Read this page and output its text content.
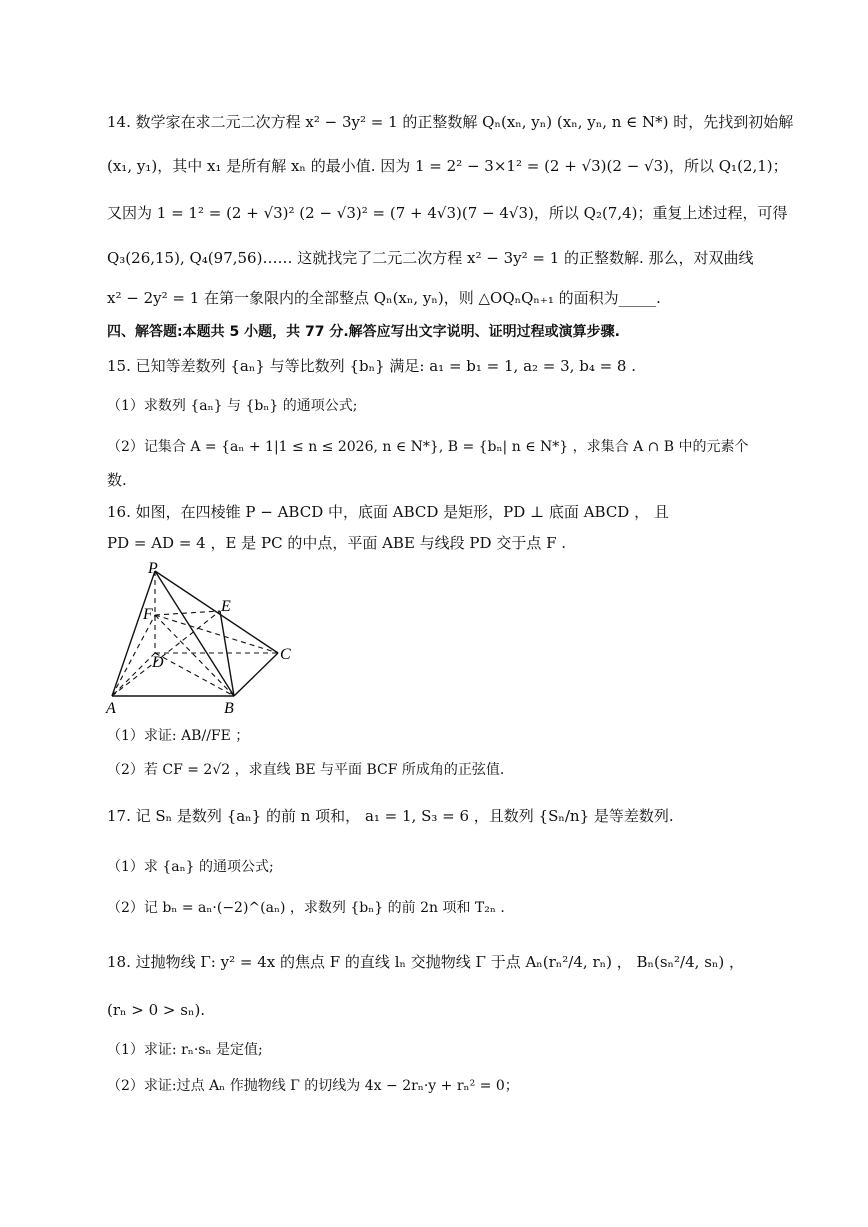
14. 数学家在求二元二次方程 x² − 3y² = 1 的正整数解 Qₙ(xₙ, yₙ) (xₙ, yₙ, n ∈ N*) 时，先找到初始解
(x₁, y₁)，其中 x₁ 是所有解 xₙ 的最小值. 因为 1 = 2² − 3×1² = (2 + √3)(2 − √3)，所以 Q₁(2,1)；
又因为 1 = 1² = (2 + √3)² (2 − √3)² = (7 + 4√3)(7 − 4√3)，所以 Q₂(7,4)；重复上述过程，可得
Q₃(26,15), Q₄(97,56)…… 这就找完了二元二次方程 x² − 3y² = 1 的正整数解. 那么，对双曲线
x² − 2y² = 1 在第一象限内的全部整点 Qₙ(xₙ, yₙ)，则 △OQₙQₙ₊₁ 的面积为_____.
四、解答题:本题共 5 小题，共 77 分.解答应写出文字说明、证明过程或演算步骤.
15. 已知等差数列 {aₙ} 与等比数列 {bₙ} 满足: a₁ = b₁ = 1, a₂ = 3, b₄ = 8 .
（1）求数列 {aₙ} 与 {bₙ} 的通项公式;
（2）记集合 A = {aₙ + 1|1 ≤ n ≤ 2026, n ∈ N*}, B = {bₙ| n ∈ N*} ，求集合 A ∩ B 中的元素个
数.
16. 如图，在四棱锥 P − ABCD 中，底面 ABCD 是矩形，PD ⊥ 底面 ABCD ， 且
PD = AD = 4 ，E 是 PC 的中点，平面 ABE 与线段 PD 交于点 F .
P
E
F
D	C
A	B
（1）求证: AB//FE ；
（2）若 CF = 2√2 ，求直线 BE 与平面 BCF 所成角的正弦值.
17. 记 Sₙ 是数列 {aₙ} 的前 n 项和， a₁ = 1, S₃ = 6 ，且数列 {Sₙ/n} 是等差数列.
（1）求 {aₙ} 的通项公式;
（2）记 bₙ = aₙ·(−2)^(aₙ) ，求数列 {bₙ} 的前 2n 项和 T₂ₙ .
18. 过抛物线 Γ: y² = 4x 的焦点 F 的直线 lₙ 交抛物线 Γ 于点 Aₙ(rₙ²/4, rₙ) ， Bₙ(sₙ²/4, sₙ) ，
(rₙ > 0 > sₙ).
（1）求证: rₙ·sₙ 是定值;
（2）求证:过点 Aₙ 作抛物线 Γ 的切线为 4x − 2rₙ·y + rₙ² = 0；
